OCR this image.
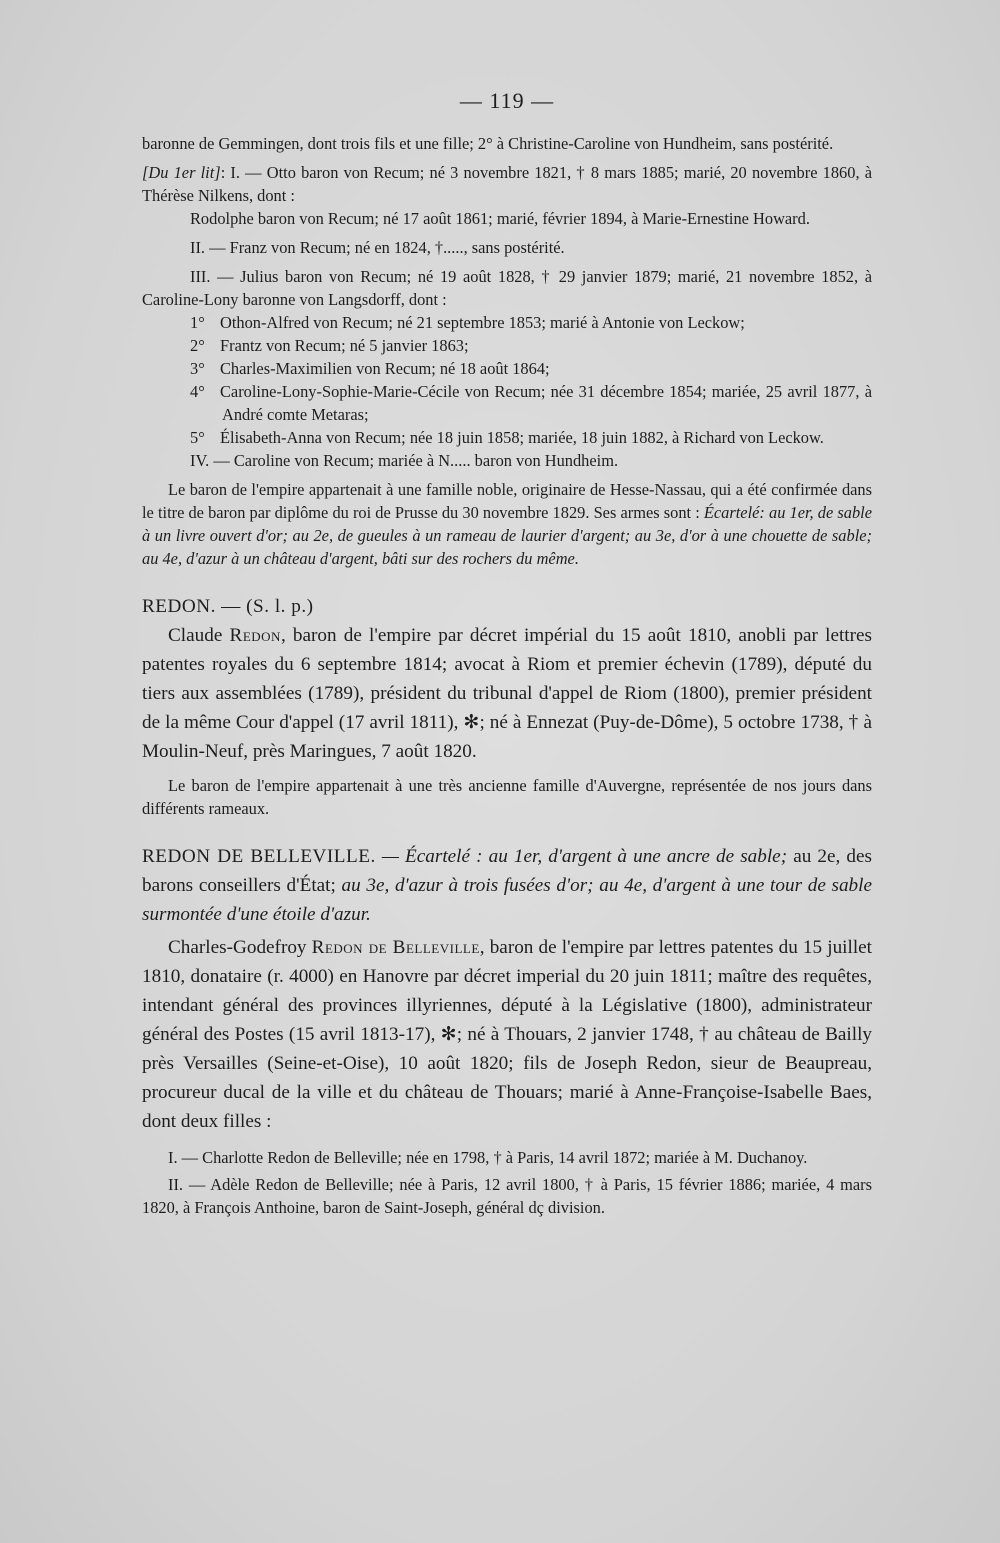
— 119 —

baronne de Gemmingen, dont trois fils et une fille; 2° à Christine-Caroline von Hundheim, sans postérité.

[Du 1er lit]: I. — Otto baron von Recum; né 3 novembre 1821, † 8 mars 1885; marié, 20 novembre 1860, à Thérèse Nilkens, dont :

Rodolphe baron von Recum; né 17 août 1861; marié, février 1894, à Marie-Ernestine Howard.

II. — Franz von Recum; né en 1824, †....., sans postérité.

III. — Julius baron von Recum; né 19 août 1828, † 29 janvier 1879; marié, 21 novembre 1852, à Caroline-Lony baronne von Langsdorff, dont :

1° Othon-Alfred von Recum; né 21 septembre 1853; marié à Antonie von Leckow;

2° Frantz von Recum; né 5 janvier 1863;

3° Charles-Maximilien von Recum; né 18 août 1864;

4° Caroline-Lony-Sophie-Marie-Cécile von Recum; née 31 décembre 1854; mariée, 25 avril 1877, à André comte Metaras;

5° Élisabeth-Anna von Recum; née 18 juin 1858; mariée, 18 juin 1882, à Richard von Leckow.

IV. — Caroline von Recum; mariée à N..... baron von Hundheim.

Le baron de l'empire appartenait à une famille noble, originaire de Hesse-Nassau, qui a été confirmée dans le titre de baron par diplôme du roi de Prusse du 30 novembre 1829. Ses armes sont : Écartelé: au 1er, de sable à un livre ouvert d'or; au 2e, de gueules à un rameau de laurier d'argent; au 3e, d'or à une chouette de sable; au 4e, d'azur à un château d'argent, bâti sur des rochers du même.

REDON. — (S. l. p.)

Claude Redon, baron de l'empire par décret impérial du 15 août 1810, anobli par lettres patentes royales du 6 septembre 1814; avocat à Riom et premier échevin (1789), député du tiers aux assemblées (1789), président du tribunal d'appel de Riom (1800), premier président de la même Cour d'appel (17 avril 1811), ✻; né à Ennezat (Puy-de-Dôme), 5 octobre 1738, † à Moulin-Neuf, près Maringues, 7 août 1820.

Le baron de l'empire appartenait à une très ancienne famille d'Auvergne, représentée de nos jours dans différents rameaux.

REDON DE BELLEVILLE. — Écartelé : au 1er, d'argent à une ancre de sable; au 2e, des barons conseillers d'État; au 3e, d'azur à trois fusées d'or; au 4e, d'argent à une tour de sable surmontée d'une étoile d'azur.

Charles-Godefroy Redon de Belleville, baron de l'empire par lettres patentes du 15 juillet 1810, donataire (r. 4000) en Hanovre par décret imperial du 20 juin 1811; maître des requêtes, intendant général des provinces illyriennes, député à la Législative (1800), administrateur général des Postes (15 avril 1813-17), ✻; né à Thouars, 2 janvier 1748, † au château de Bailly près Versailles (Seine-et-Oise), 10 août 1820; fils de Joseph Redon, sieur de Beaupreau, procureur ducal de la ville et du château de Thouars; marié à Anne-Françoise-Isabelle Baes, dont deux filles :

I. — Charlotte Redon de Belleville; née en 1798, † à Paris, 14 avril 1872; mariée à M. Duchanoy.

II. — Adèle Redon de Belleville; née à Paris, 12 avril 1800, † à Paris, 15 février 1886; mariée, 4 mars 1820, à François Anthoine, baron de Saint-Joseph, général dç division.
